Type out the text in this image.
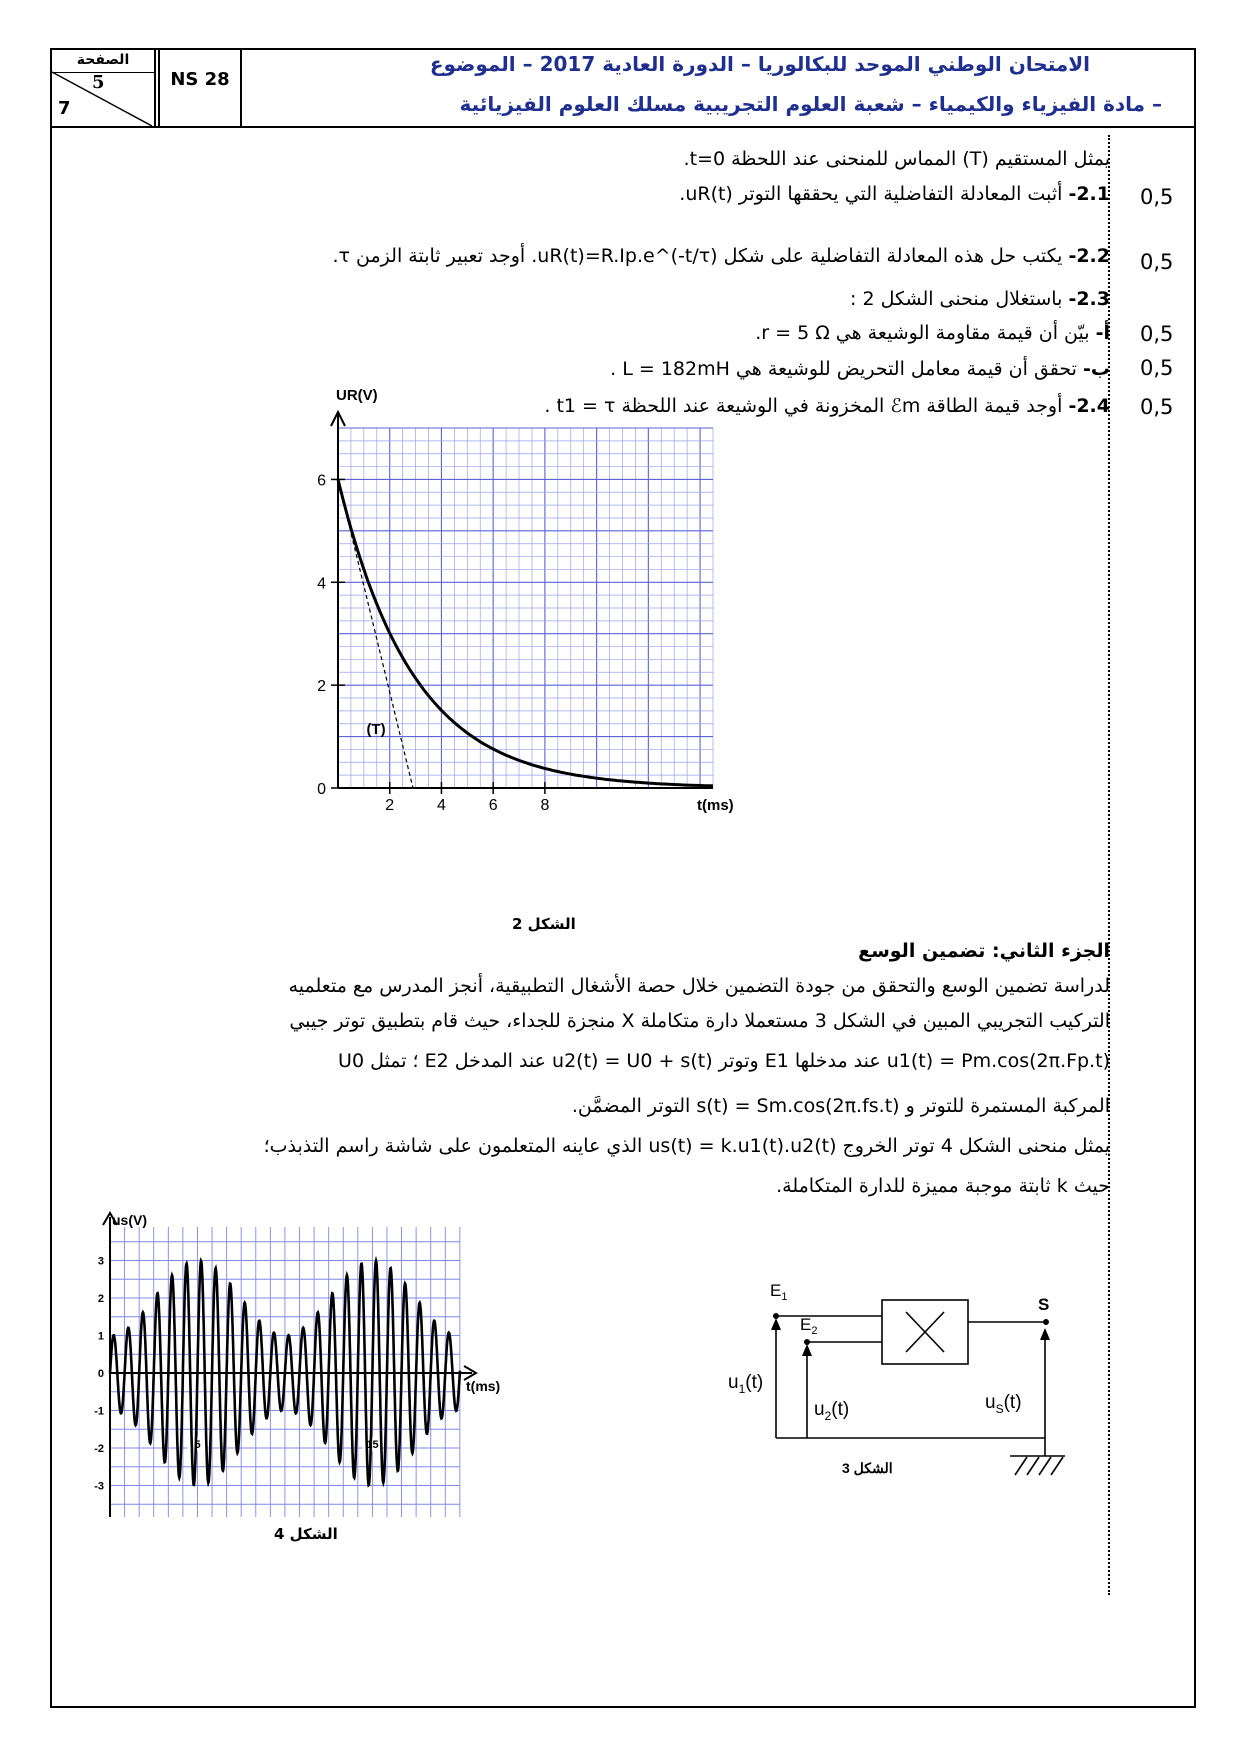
الصفحة
5
7
NS 28
الامتحان الوطني الموحد للبكالوريا – الدورة العادية 2017 – الموضوع
– مادة الفيزياء والكيمياء – شعبة العلوم التجريبية مسلك العلوم الفيزيائية
يمثل المستقيم (T) المماس للمنحنى عند اللحظة t=0.
2.1- أثبت المعادلة التفاضلية التي يحققها التوتر uR(t).	0,5
2.2- يكتب حل هذه المعادلة التفاضلية على شكل uR(t)=R.Ip.e^(-t/τ). أوجد تعبير ثابتة الزمن τ.	0,5
2.3- باستغلال منحنى الشكل 2 :
أ- بيّن أن قيمة مقاومة الوشيعة هي r = 5 Ω.	0,5
ب- تحقق أن قيمة معامل التحريض للوشيعة هي L = 182mH .	0,5
2.4- أوجد قيمة الطاقة ℰm المخزونة في الوشيعة عند اللحظة t1 = τ .	0,5
2	4	6	8
0
2
4
6
(T)
UR(V)
t(ms)
الشكل 2
الجزء الثاني: تضمين الوسع
لدراسة تضمين الوسع والتحقق من جودة التضمين خلال حصة الأشغال التطبيقية، أنجز المدرس مع متعلميه
التركيب التجريبي المبين في الشكل 3 مستعملا دارة متكاملة X منجزة للجداء، حيث قام بتطبيق توتر جيبي
u1(t) = Pm.cos(2π.Fp.t) عند مدخلها E1 وتوتر u2(t) = U0 + s(t) عند المدخل E2 ؛ تمثل U0
المركبة المستمرة للتوتر و s(t) = Sm.cos(2π.fs.t) التوتر المضمَّن.
يمثل منحنى الشكل 4 توتر الخروج us(t) = k.u1(t).u2(t) الذي عاينه المتعلمون على شاشة راسم التذبذب؛
حيث k ثابتة موجبة مميزة للدارة المتكاملة.
3
2
1
0
-1
-2
-3
5	15
us(V)
t(ms)
الشكل 4
$E_1$
$E_2$
S
$u_1(t)$
$u_2(t)$	$u_S(t)$
الشكل 3
